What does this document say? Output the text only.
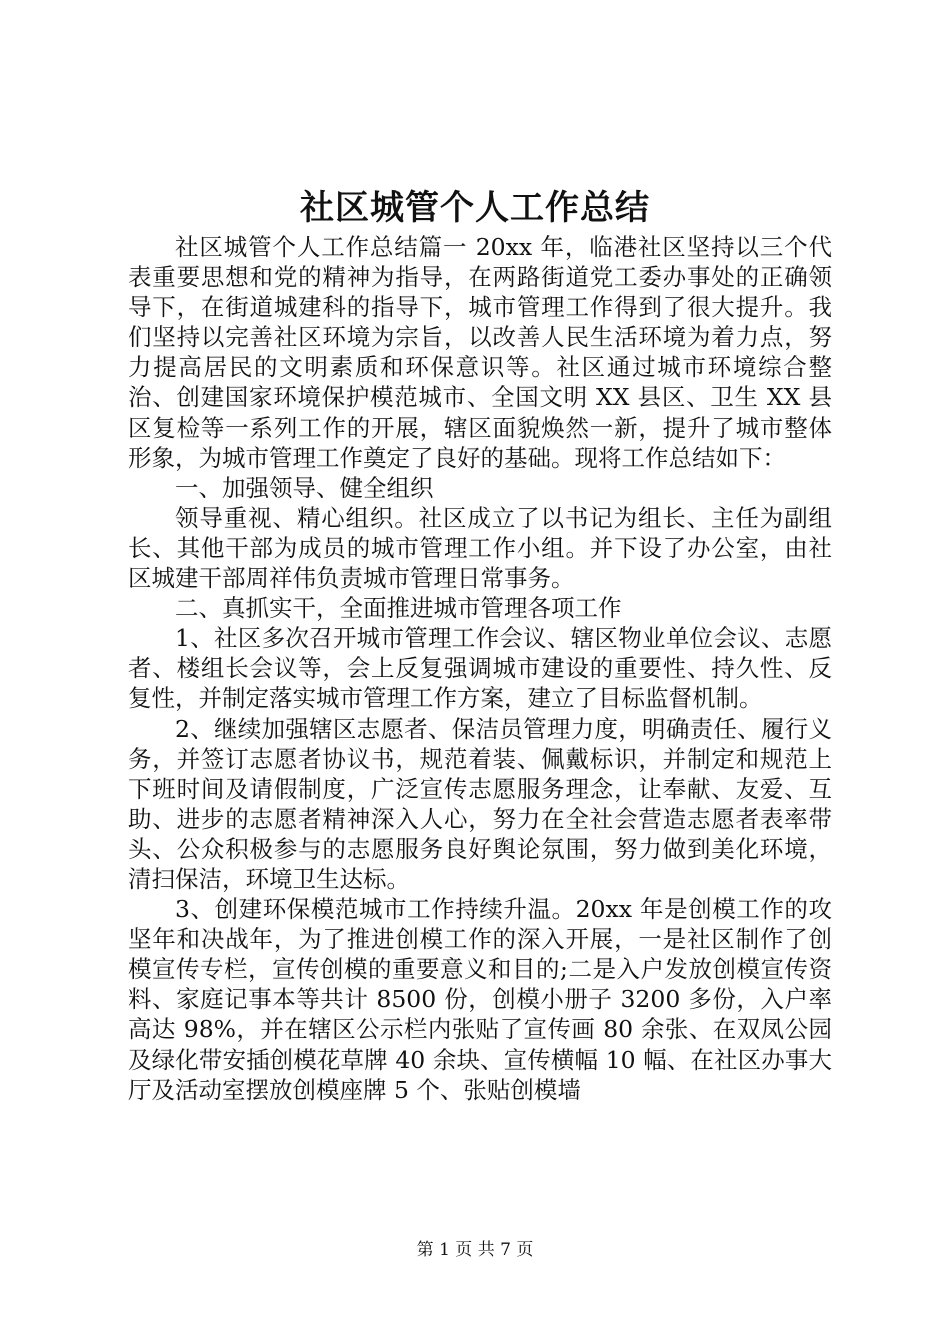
社区城管个人工作总结

社区城管个人工作总结篇一 20xx 年，临港社区坚持以三个代表重要思想和党的精神为指导，在两路街道党工委办事处的正确领导下，在街道城建科的指导下，城市管理工作得到了很大提升。我们坚持以完善社区环境为宗旨，以改善人民生活环境为着力点，努力提高居民的文明素质和环保意识等。社区通过城市环境综合整治、创建国家环境保护模范城市、全国文明 XX 县区、卫生 XX 县区复检等一系列工作的开展，辖区面貌焕然一新，提升了城市整体形象，为城市管理工作奠定了良好的基础。现将工作总结如下：

一、加强领导、健全组织

领导重视、精心组织。社区成立了以书记为组长、主任为副组长、其他干部为成员的城市管理工作小组。并下设了办公室，由社区城建干部周祥伟负责城市管理日常事务。

二、真抓实干，全面推进城市管理各项工作

1、社区多次召开城市管理工作会议、辖区物业单位会议、志愿者、楼组长会议等，会上反复强调城市建设的重要性、持久性、反复性，并制定落实城市管理工作方案，建立了目标监督机制。

2、继续加强辖区志愿者、保洁员管理力度，明确责任、履行义务，并签订志愿者协议书，规范着装、佩戴标识，并制定和规范上下班时间及请假制度，广泛宣传志愿服务理念，让奉献、友爱、互助、进步的志愿者精神深入人心，努力在全社会营造志愿者表率带头、公众积极参与的志愿服务良好舆论氛围，努力做到美化环境，清扫保洁，环境卫生达标。

3、创建环保模范城市工作持续升温。20xx 年是创模工作的攻坚年和决战年，为了推进创模工作的深入开展，一是社区制作了创模宣传专栏，宣传创模的重要意义和目的;二是入户发放创模宣传资料、家庭记事本等共计 8500 份，创模小册子 3200 多份，入户率高达 98%，并在辖区公示栏内张贴了宣传画 80 余张、在双凤公园及绿化带安插创模花草牌 40 余块、宣传横幅 10 幅、在社区办事大厅及活动室摆放创模座牌 5 个、张贴创模墙

第 1 页 共 7 页
